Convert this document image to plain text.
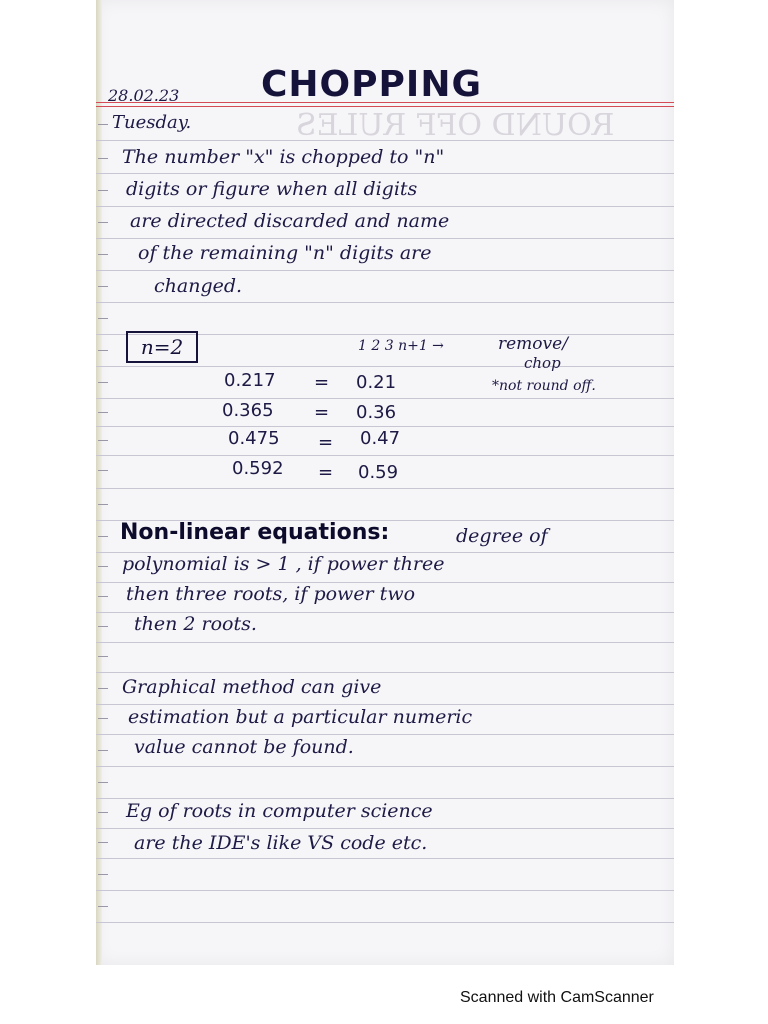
ROUND OFF RULES
28.02.23
Tuesday.
CHOPPING
The number "x" is chopped to "n"
digits or figure when all digits
are directed discarded and name
of the remaining "n" digits are
changed.
n=2	1 2 3 n+1 →	remove/
chop
*not round off.
0.217 = 0.21
0.365 = 0.36
0.475 = 0.47
0.592 = 0.59
Non-linear equations:	degree of
polynomial is > 1 , if power three
then three roots, if power two
then 2 roots.
Graphical method can give
estimation but a particular numeric
value cannot be found.
Eg of roots in computer science
are the IDE's like VS code etc.
Scanned with CamScanner
